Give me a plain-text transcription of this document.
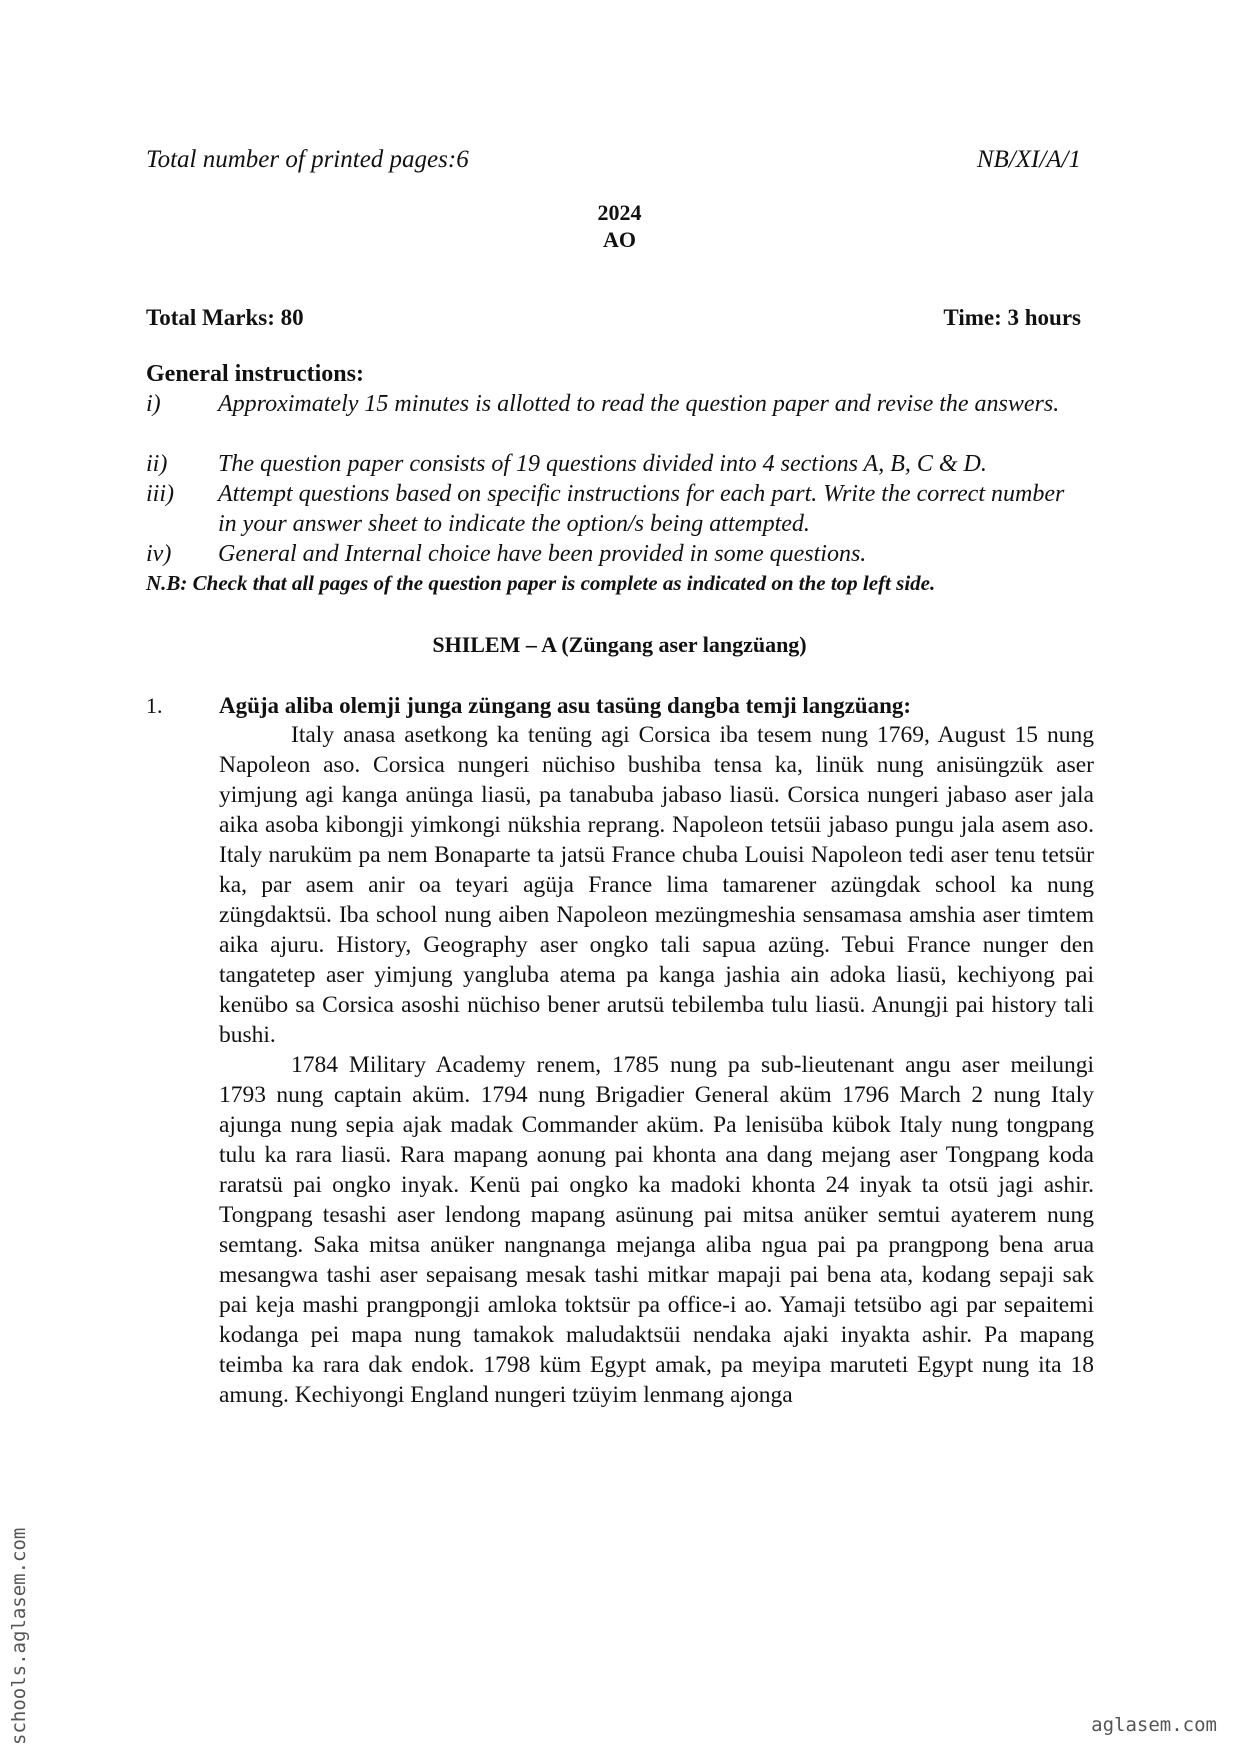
Total number of printed pages:6	NB/XI/A/1
2024
AO
Total Marks: 80	Time: 3 hours
General instructions:
i) Approximately 15 minutes is allotted to read the question paper and revise the answers.
ii) The question paper consists of 19 questions divided into 4 sections A, B, C & D.
iii) Attempt questions based on specific instructions for each part. Write the correct number in your answer sheet to indicate the option/s being attempted.
iv) General and Internal choice have been provided in some questions.
N.B: Check that all pages of the question paper is complete as indicated on the top left side.
SHILEM – A (Züngang aser langzüang)
1. Agüja aliba olemji junga züngang asu tasüng dangba temji langzüang:

Italy anasa asetkong ka tenüng agi Corsica iba tesem nung 1769, August 15 nung Napoleon aso. Corsica nungeri nüchiso bushiba tensa ka, linük nung anisüngzük aser yimjung agi kanga anünga liasü, pa tanabuba jabaso liasü. Corsica nungeri jabaso aser jala aika asoba kibongji yimkongi nükshia reprang. Napoleon tetsüi jabaso pungu jala asem aso. Italy naruküm pa nem Bonaparte ta jatsü France chuba Louisi Napoleon tedi aser tenu tetsür ka, par asem anir oa teyari agüja France lima tamarener azüngdak school ka nung züngdaktsü. Iba school nung aiben Napoleon mezüngmeshia sensamasa amshia aser timtem aika ajuru. History, Geography aser ongko tali sapua azüng. Tebui France nunger den tangatetep aser yimjung yangluba atema pa kanga jashia ain adoka liasü, kechiyong pai kenübo sa Corsica asoshi nüchiso bener arutsü tebilemba tulu liasü. Anungji pai history tali bushi.

1784 Military Academy renem, 1785 nung pa sub-lieutenant angu aser meilungi 1793 nung captain aküm. 1794 nung Brigadier General aküm 1796 March 2 nung Italy ajunga nung sepia ajak madak Commander aküm. Pa lenisüba kübok Italy nung tongpang tulu ka rara liasü. Rara mapang aonung pai khonta ana dang mejang aser Tongpang koda raratsü pai ongko inyak. Kenü pai ongko ka madoki khonta 24 inyak ta otsü jagi ashir. Tongpang tesashi aser lendong mapang asünung pai mitsa anüker semtui ayaterem nung semtang. Saka mitsa anüker nangnanga mejanga aliba ngua pai pa prangpong bena arua mesangwa tashi aser sepaisang mesak tashi mitkar mapaji pai bena ata, kodang sepaji sak pai keja mashi prangpongji amloka toktsür pa office-i ao. Yamaji tetsübo agi par sepaitemi kodanga pei mapa nung tamakok maludaktsüi nendaka ajaki inyakta ashir. Pa mapang teimba ka rara dak endok. 1798 küm Egypt amak, pa meyipa maruteti Egypt nung ita 18 amung. Kechiyongi England nungeri tzüyim lenmang ajonga

schools.aglasem.com	aglasem.com
